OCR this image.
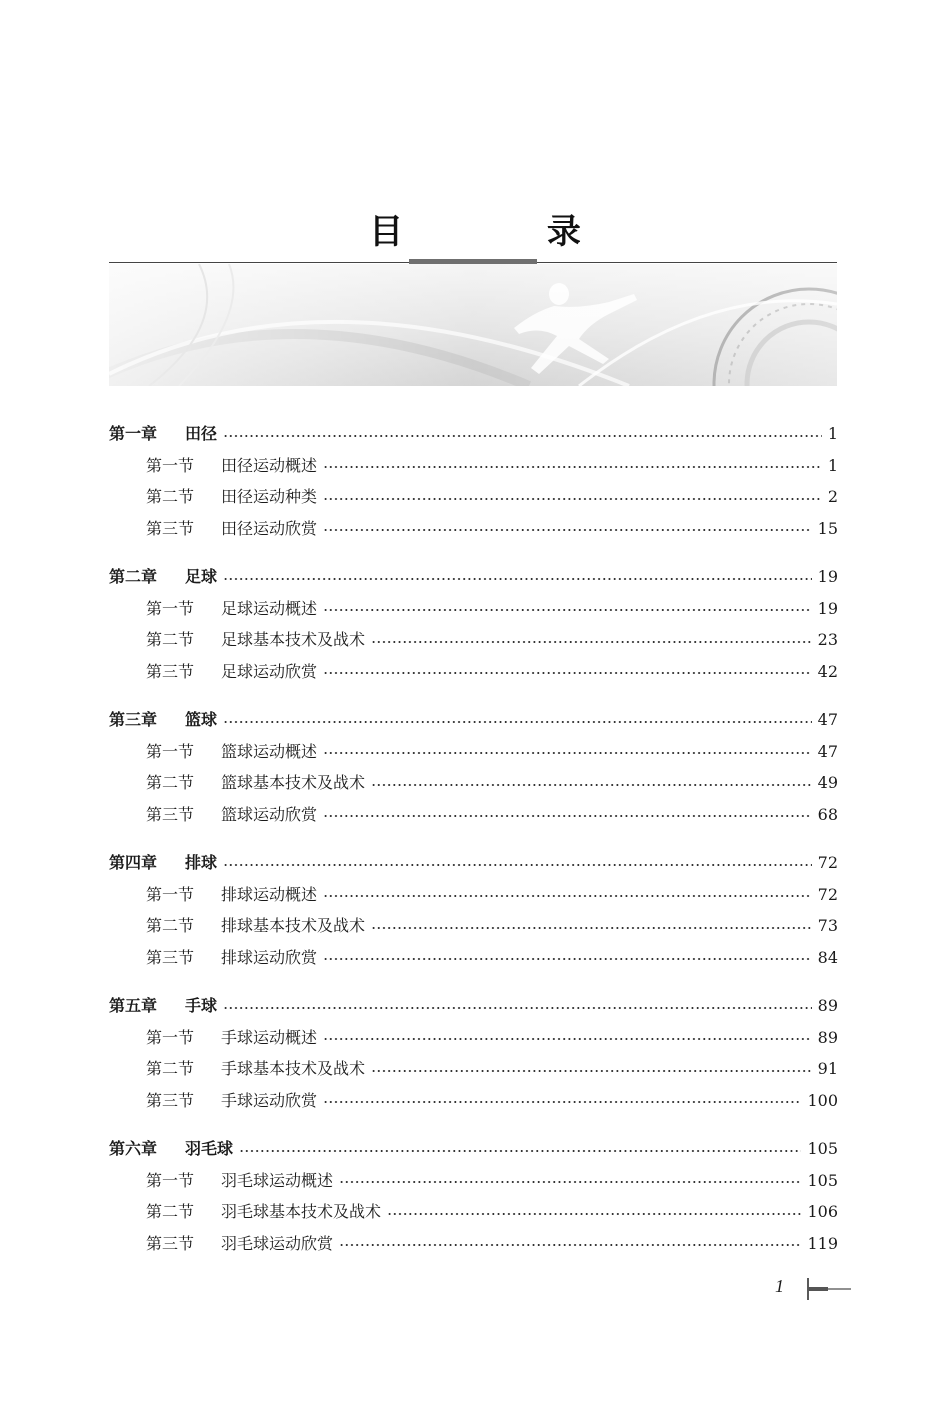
目 录
第一章	田径	1
第一节	田径运动概述	1
第二节	田径运动种类	2
第三节	田径运动欣赏	15
第二章	足球	19
第一节	足球运动概述	19
第二节	足球基本技术及战术	23
第三节	足球运动欣赏	42
第三章	篮球	47
第一节	篮球运动概述	47
第二节	篮球基本技术及战术	49
第三节	篮球运动欣赏	68
第四章	排球	72
第一节	排球运动概述	72
第二节	排球基本技术及战术	73
第三节	排球运动欣赏	84
第五章	手球	89
第一节	手球运动概述	89
第二节	手球基本技术及战术	91
第三节	手球运动欣赏	100
第六章	羽毛球	105
第一节	羽毛球运动概述	105
第二节	羽毛球基本技术及战术	106
第三节	羽毛球运动欣赏	119
1
